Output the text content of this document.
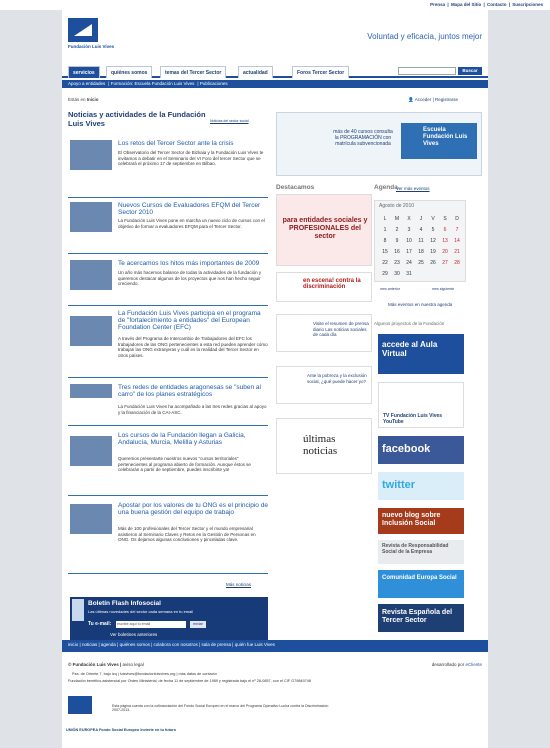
Prensa | Mapa del Sitio | Contacto | Suscripciones
Fundación Luis Vives
Voluntad y eficacia, juntos mejor
servicios	quiénes somos	temas del Tercer Sector	actualidad	Foros Tercer Sector	Buscar
Apoyo a entidades | Formación: Escuela Fundación Luis Vives | Publicaciones
Estás en Inicio	👤 Acceder | Registrarse
Noticias y actividades de la Fundación Luis Vives	Noticias del sector social
Los retos del Tercer Sector ante la crisis
El Observatorio del Tercer Sector de Bizkaia y la Fundación Luis Vives te invitamos a debatir en el Seminario del VI Foro del tercer Sector que se celebrará el próximo 17 de septiembre en Bilbao.
Nuevos Cursos de Evaluadores EFQM del Tercer Sector 2010
La Fundación Luis Vives pone en marcha un nuevo ciclo de cursos con el objetivo de formar a evaluadores EFQM para el Tercer Sector.
Te acercamos los hitos más importantes de 2009
Un año más hacemos balance de todas la actividades de la fundación y queremos destacar algunos de los proyectos que nos han hecho seguir creciendo.
La Fundación Luis Vives participa en el programa de "fortalecimiento a entidades" del European Foundation Center (EFC)
A través del Programa de Intercambio de Trabajadores del EFC los trabajadores de las ONG pertenecientes a esta red pueden aprender cómo trabajan las ONG extranjeras y cuál es la realidad del Tercer Sector en otros países.
Tres redes de entidades aragonesas se "suben al carro" de los planes estratégicos
La Fundación Luis Vives ha acompañado a las tres redes gracias al apoyo y la financiación de la CAI-ASC.
Los cursos de la Fundación llegan a Galicia, Andalucía, Murcia, Melilla y Asturias
Queremos presentarte nuestros nuevos "cursos territoriales" pertenecientes al programa abierto de formación. Aunque éstos se celebrarán a partir de septiembre, puedes inscribirte ya!
Apostar por los valores de tu ONG es el principio de una buena gestión del equipo de trabajo
Más de 100 profesionales del Tercer Sector y el mundo empresarial asistieron al Seminario Claves y Retos en la Gestión de Personas en ONG. Os dejamos algunas conclusiones y pinceladas clave.
Más noticias
Boletín Flash Infosocial
Las últimas novedades del sector cada semana en tu email
Tu e-mail: escribe aquí tu email	enviar
Ver boletines anteriores
más de 40 cursos consulta la PROGRAMACIÓN con matrícula subvencionada
Escuela Fundación Luis Vives
Destacamos
para entidades sociales y PROFESIONALES del sector
en escena! contra la discriminación
Visite el resumen de prensa diario Las noticias sociales de cada día
Ante la pobreza y la exclusión social, ¿qué puede hacer yo?
últimas noticias
Agenda
Ver más eventos
Agosto de 2010
L	M	X	J	V	S	D
1	2	3	4	5	6	7
8	9	10	11	12	13	14
15	16	17	18	19	20	21
22	23	24	25	26	27	28
29	30	31
mes anterior	mes siguiente
Más eventos en nuestra agenda
Algunos proyectos de la Fundación
accede al Aula Virtual
TV Fundación Luis Vives YouTube
facebook
twitter
nuevo blog sobre Inclusión Social
Revista de Responsabilidad Social de la Empresa
Comunidad Europa Social
Revista Española del Tercer Sector
inicio | noticias | agenda | quiénes somos | colabora con nosotros | sala de prensa | quién fue Luis Vives
© Fundación Luis Vives | aviso legal	desarrollado por eCliente
Pza. de Oriente 7, bajo izq | luisvives@fundacionluisvives.org | más datos de contacto
Fundación benéfico-asistencial por Orden Ministerial, de fecha 11 de septiembre de 1989 y registrada bajo el nº 28-0857, con el CIF G79849746
UNIÓN EUROPEA Fondo Social Europeo Invierte en tu futuro
Esta página cuenta con la cofinanciación del Fondo Social Europeo en el marco del Programa Operativo Lucha contra la Discriminación 2007-2013.
